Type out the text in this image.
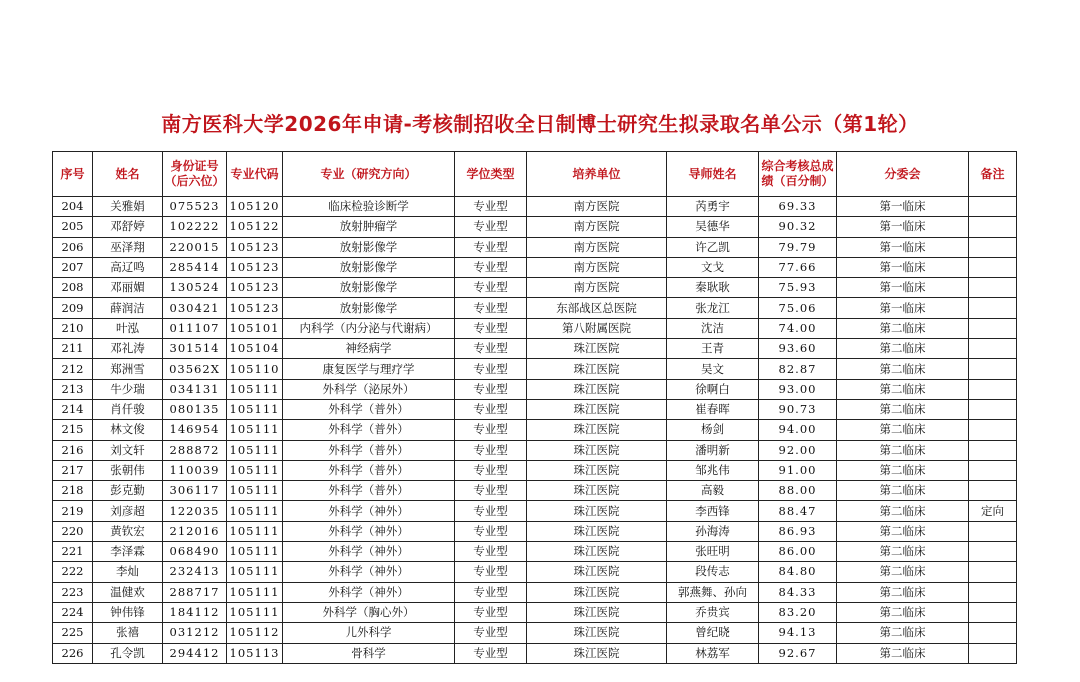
南方医科大学2026年申请-考核制招收全日制博士研究生拟录取名单公示（第1轮）
序号	姓名	身份证号（后六位）	专业代码	专业（研究方向）	学位类型	培养单位	导师姓名	综合考核总成绩（百分制）	分委会	备注
204	关雅娟	075523	105120	临床检验诊断学	专业型	南方医院	芮勇宇	69.33	第一临床	
205	邓舒婷	102222	105122	放射肿瘤学	专业型	南方医院	吴德华	90.32	第一临床	
206	巫泽翔	220015	105123	放射影像学	专业型	南方医院	许乙凯	79.79	第一临床	
207	高辽鸣	285414	105123	放射影像学	专业型	南方医院	文戈	77.66	第一临床	
208	邓丽媚	130524	105123	放射影像学	专业型	南方医院	秦耿耿	75.93	第一临床	
209	薛润洁	030421	105123	放射影像学	专业型	东部战区总医院	张龙江	75.06	第一临床	
210	叶泓	011107	105101	内科学（内分泌与代谢病）	专业型	第八附属医院	沈洁	74.00	第二临床	
211	邓礼涛	301514	105104	神经病学	专业型	珠江医院	王青	93.60	第二临床	
212	郑洲雪	03562X	105110	康复医学与理疗学	专业型	珠江医院	吴文	82.87	第二临床	
213	牛少瑞	034131	105111	外科学（泌尿外）	专业型	珠江医院	徐啊白	93.00	第二临床	
214	肖仟骏	080135	105111	外科学（普外）	专业型	珠江医院	崔春晖	90.73	第二临床	
215	林文俊	146954	105111	外科学（普外）	专业型	珠江医院	杨剑	94.00	第二临床	
216	刘文轩	288872	105111	外科学（普外）	专业型	珠江医院	潘明新	92.00	第二临床	
217	张朝伟	110039	105111	外科学（普外）	专业型	珠江医院	邹兆伟	91.00	第二临床	
218	彭克勤	306117	105111	外科学（普外）	专业型	珠江医院	高毅	88.00	第二临床	
219	刘彦超	122035	105111	外科学（神外）	专业型	珠江医院	李西锋	88.47	第二临床	定向
220	黄钦宏	212016	105111	外科学（神外）	专业型	珠江医院	孙海涛	86.93	第二临床	
221	李泽霖	068490	105111	外科学（神外）	专业型	珠江医院	张旺明	86.00	第二临床	
222	李灿	232413	105111	外科学（神外）	专业型	珠江医院	段传志	84.80	第二临床	
223	温健欢	288717	105111	外科学（神外）	专业型	珠江医院	郭燕舞、孙向	84.33	第二临床	
224	钟伟锋	184112	105111	外科学（胸心外）	专业型	珠江医院	乔贵宾	83.20	第二临床	
225	张禧	031212	105112	儿外科学	专业型	珠江医院	曾纪晓	94.13	第二临床	
226	孔令凯	294412	105113	骨科学	专业型	珠江医院	林荔军	92.67	第二临床	
